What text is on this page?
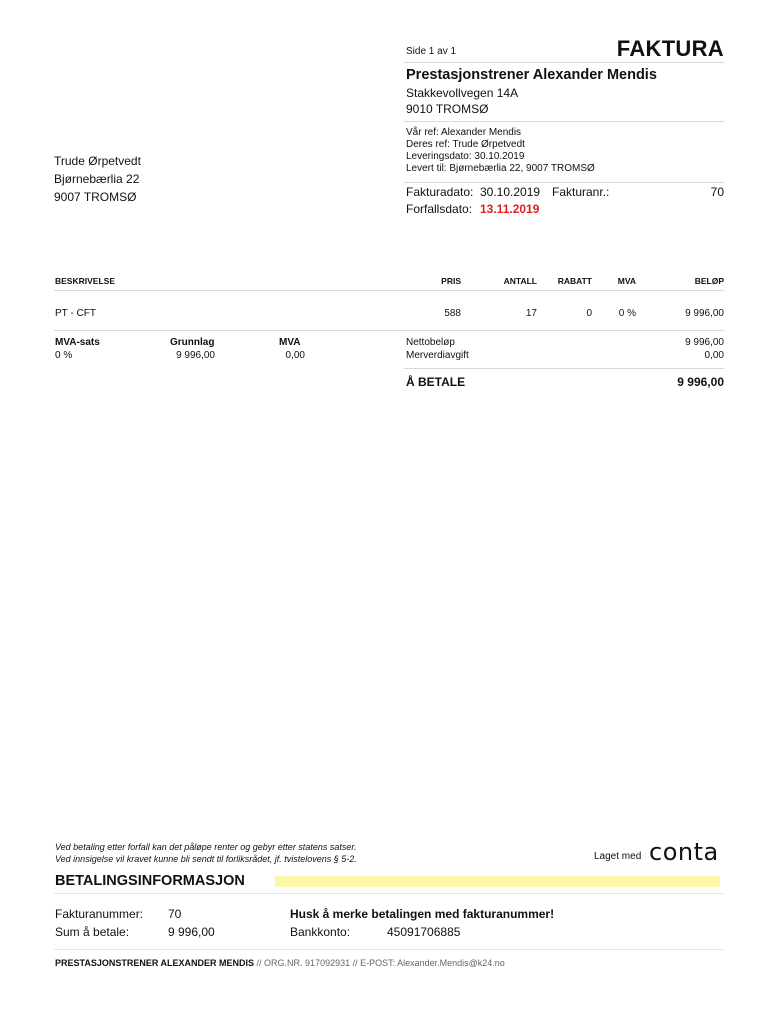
Side 1 av 1	FAKTURA
Prestasjonstrener Alexander Mendis
Stakkevollvegen 14A
9010 TROMSØ
Vår ref: Alexander Mendis
Deres ref: Trude Ørpetvedt
Leveringsdato: 30.10.2019
Levert til: Bjørnebærlia 22, 9007 TROMSØ
Trude Ørpetvedt
Bjørnebærlia 22
9007 TROMSØ	Fakturadato: 30.10.2019 Fakturanr.:	70
Forfallsdato: 13.11.2019
BESKRIVELSE	PRIS	ANTALL	RABATT	MVA	BELØP
PT - CFT	588	17	0	0 %	9 996,00
MVA-sats	Grunnlag	MVA
0 %	9 996,00	0,00
Nettobeløp	9 996,00
Merverdiavgift	0,00
Å BETALE	9 996,00
Ved betaling etter forfall kan det påløpe renter og gebyr etter statens satser.
Ved innsigelse vil kravet kunne bli sendt til forliksrådet, jf. tvistelovens § 5-2.	Laget med conta
BETALINGSINFORMASJON
Fakturanummer: 70
Sum å betale:	9 996,00
Husk å merke betalingen med fakturanummer!
Bankkonto:	45091706885
PRESTASJONSTRENER ALEXANDER MENDIS // ORG.NR. 917092931 // E-POST: Alexander.Mendis@k24.no
